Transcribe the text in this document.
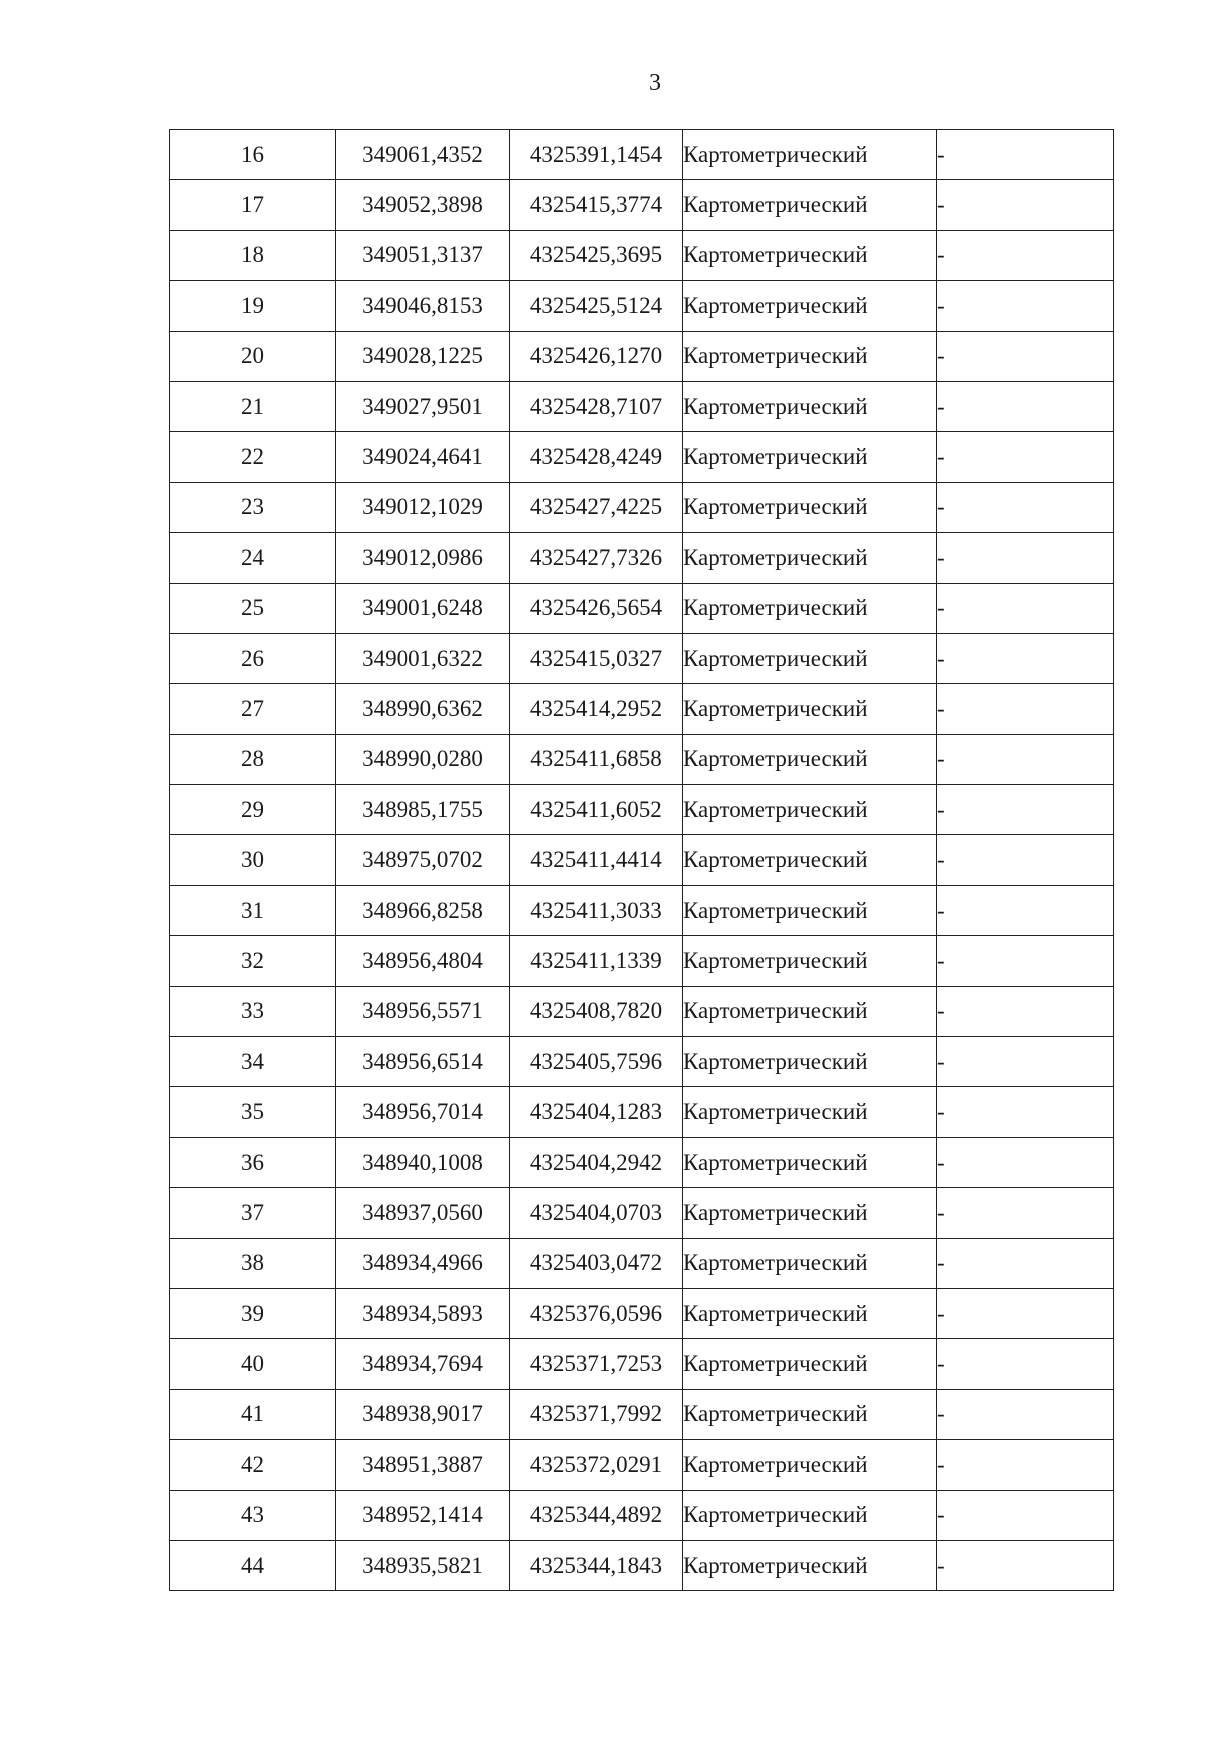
3
16	349061,4352	4325391,1454	Картометрический	-
17	349052,3898	4325415,3774	Картометрический	-
18	349051,3137	4325425,3695	Картометрический	-
19	349046,8153	4325425,5124	Картометрический	-
20	349028,1225	4325426,1270	Картометрический	-
21	349027,9501	4325428,7107	Картометрический	-
22	349024,4641	4325428,4249	Картометрический	-
23	349012,1029	4325427,4225	Картометрический	-
24	349012,0986	4325427,7326	Картометрический	-
25	349001,6248	4325426,5654	Картометрический	-
26	349001,6322	4325415,0327	Картометрический	-
27	348990,6362	4325414,2952	Картометрический	-
28	348990,0280	4325411,6858	Картометрический	-
29	348985,1755	4325411,6052	Картометрический	-
30	348975,0702	4325411,4414	Картометрический	-
31	348966,8258	4325411,3033	Картометрический	-
32	348956,4804	4325411,1339	Картометрический	-
33	348956,5571	4325408,7820	Картометрический	-
34	348956,6514	4325405,7596	Картометрический	-
35	348956,7014	4325404,1283	Картометрический	-
36	348940,1008	4325404,2942	Картометрический	-
37	348937,0560	4325404,0703	Картометрический	-
38	348934,4966	4325403,0472	Картометрический	-
39	348934,5893	4325376,0596	Картометрический	-
40	348934,7694	4325371,7253	Картометрический	-
41	348938,9017	4325371,7992	Картометрический	-
42	348951,3887	4325372,0291	Картометрический	-
43	348952,1414	4325344,4892	Картометрический	-
44	348935,5821	4325344,1843	Картометрический	-
